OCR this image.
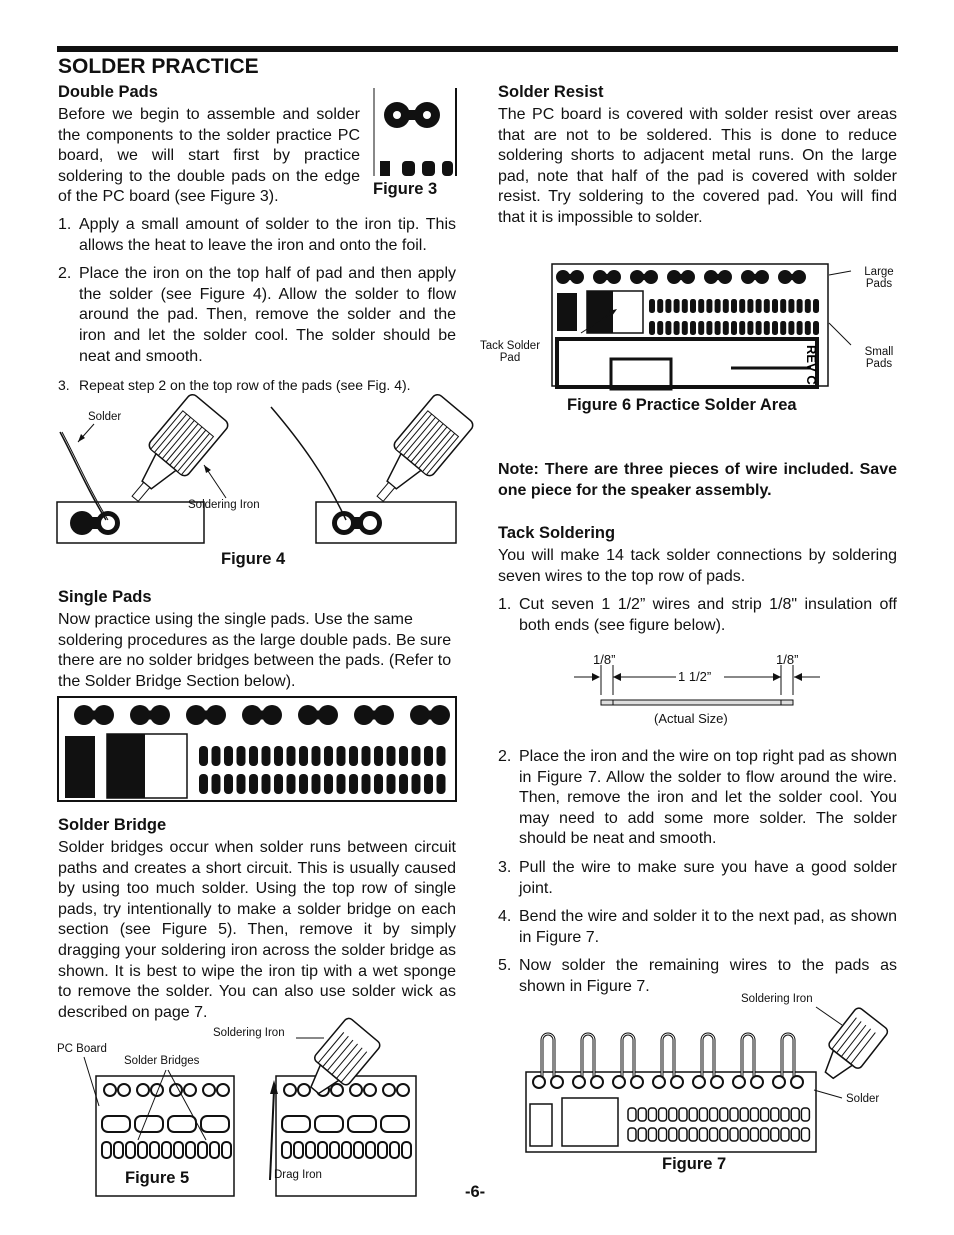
SOLDER PRACTICE
Double Pads
Before we begin to assemble and solder the components to the solder practice PC board, we will start first by practice soldering to the double pads on the edge of the PC board (see Figure 3).	Figure 3
1. Apply a small amount of solder to the iron tip. This allows the heat to leave the iron and onto the foil.
2. Place the iron on the top half of pad and then apply the solder (see Figure 4). Allow the solder to flow around the pad. Then, remove the solder and the iron and let the solder cool. The solder should be neat and smooth.
3. Repeat step 2 on the top row of the pads (see Fig. 4).
Solder
Soldering Iron
Figure 4
Single Pads
Now practice using the single pads. Use the same soldering procedures as the large double pads. Be sure there are no solder bridges between the pads. (Refer to the Solder Bridge Section below).
Solder Bridge
Solder bridges occur when solder runs between circuit paths and creates a short circuit. This is usually caused by using too much solder. Using the top row of single pads, try intentionally to make a solder bridge on each section (see Figure 5). Then, remove it by simply dragging your soldering iron across the solder bridge as shown. It is best to wipe the iron tip with a wet sponge to remove the solder. You can also use solder wick as described on page 7.
PC Board
Solder Bridges
Soldering Iron
Drag Iron
Figure 5
Solder Resist
The PC board is covered with solder resist over areas that are not to be soldered. This is done to reduce soldering shorts to adjacent metal runs. On the large pad, note that half of the pad is covered with solder resist. Try soldering to the covered pad. You will find that it is impossible to solder.
REV C
Large Pads
Small Pads
Tack Solder Pad
Figure 6 Practice Solder Area
Note: There are three pieces of wire included. Save one piece for the speaker assembly.
Tack Soldering
You will make 14 tack solder connections by soldering seven wires to the top row of pads.
1. Cut seven 1 1/2” wires and strip 1/8" insulation off both ends (see figure below).
1/8”
1 1/2”
1/8”
(Actual Size)
2. Place the iron and the wire on top right pad as shown in Figure 7. Allow the solder to flow around the wire. Then, remove the iron and let the solder cool. You may need to add some more solder. The solder should be neat and smooth.
3. Pull the wire to make sure you have a good solder joint.
4. Bend the wire and solder it to the next pad, as shown in Figure 7.
5. Now solder the remaining wires to the pads as shown in Figure 7.
Soldering Iron
Solder
Figure 7
-6-
